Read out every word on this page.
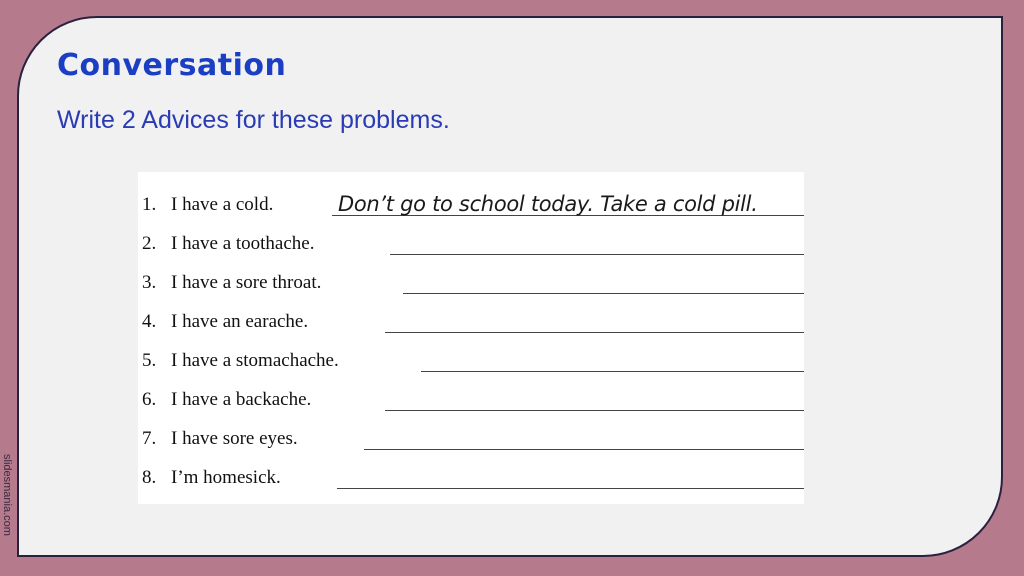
Conversation

Write 2 Advices for these problems.

1. I have a cold.	Don’t go to school today. Take a cold pill.
2. I have a toothache.
3. I have a sore throat.
4. I have an earache.
5. I have a stomachache.
6. I have a backache.
7. I have sore eyes.
8. I’m homesick.
slidesmania.com
